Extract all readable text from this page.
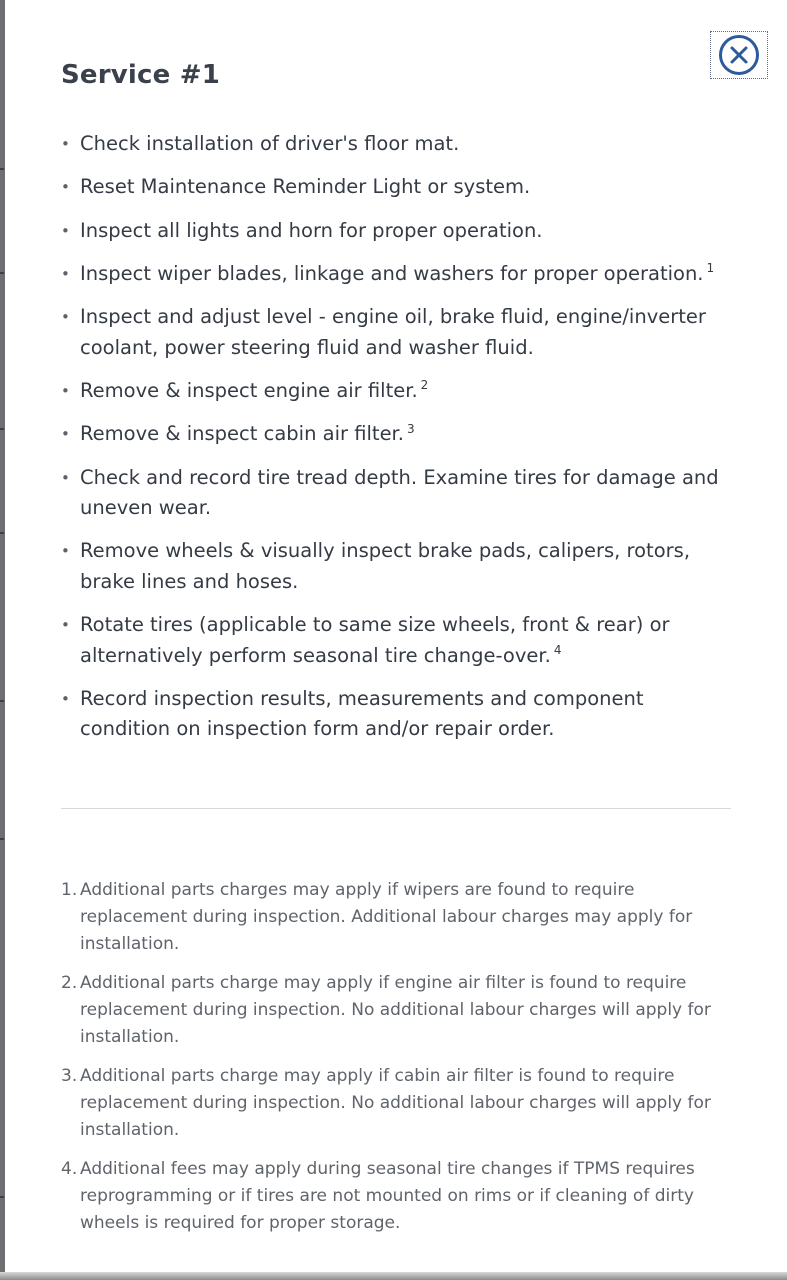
Service #1
• Check installation of driver's floor mat.
• Reset Maintenance Reminder Light or system.
• Inspect all lights and horn for proper operation.
• Inspect wiper blades, linkage and washers for proper operation. $^1$
• Inspect and adjust level - engine oil, brake fluid, engine/inverter coolant, power steering fluid and washer fluid.
• Remove & inspect engine air filter. $^2$
• Remove & inspect cabin air filter. $^3$
• Check and record tire tread depth. Examine tires for damage and uneven wear.
• Remove wheels & visually inspect brake pads, calipers, rotors, brake lines and hoses.
• Rotate tires (applicable to same size wheels, front & rear) or alternatively perform seasonal tire change-over. $^4$
• Record inspection results, measurements and component condition on inspection form and/or repair order.
1. Additional parts charges may apply if wipers are found to require replacement during inspection. Additional labour charges may apply for installation.
2. Additional parts charge may apply if engine air filter is found to require replacement during inspection. No additional labour charges will apply for installation.
3. Additional parts charge may apply if cabin air filter is found to require replacement during inspection. No additional labour charges will apply for installation.
4. Additional fees may apply during seasonal tire changes if TPMS requires reprogramming or if tires are not mounted on rims or if cleaning of dirty wheels is required for proper storage.
